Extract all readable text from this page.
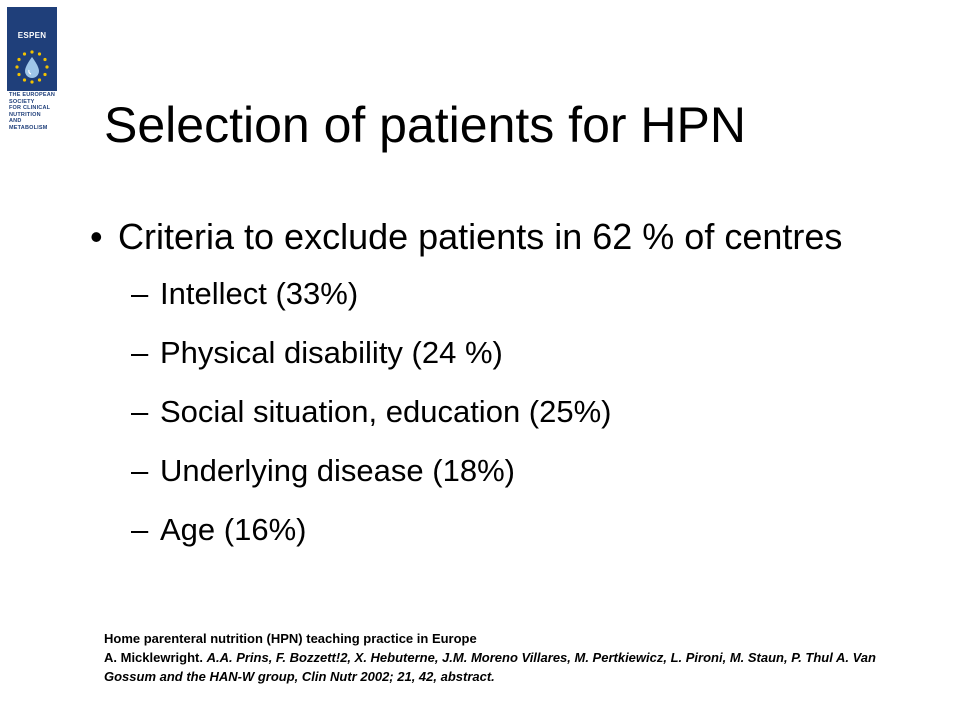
ESPEN
THE EUROPEAN
SOCIETY
FOR CLINICAL
NUTRITION
AND
METABOLISM	Selection of patients for HPN
• Criteria to exclude patients in 62 % of centres
– Intellect (33%)
– Physical disability (24 %)
– Social situation, education (25%)
– Underlying disease (18%)
– Age (16%)
Home parenteral nutrition (HPN) teaching practice in Europe
A. Micklewright. A.A. Prins, F. Bozzett!2, X. Hebuterne, J.M. Moreno Villares, M. Pertkiewicz, L. Pironi, M. Staun, P. Thul A. Van Gossum and the HAN-W group, Clin Nutr 2002; 21, 42, abstract.
